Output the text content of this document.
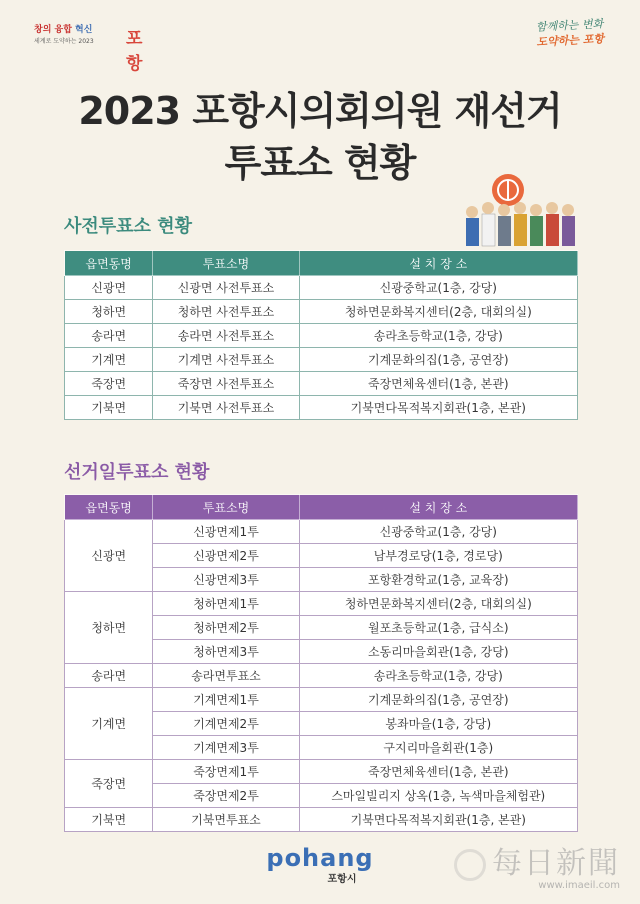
창의 융합 혁신
세계로 도약하는 2023 포항
함께하는 변화
도약하는 포항
2023 포항시의회의원 재선거
투표소 현황
사전투표소 현황
읍면동명	투표소명	설 치 장 소
신광면	신광면 사전투표소	신광중학교(1층, 강당)
청하면	청하면 사전투표소	청하면문화복지센터(2층, 대회의실)
송라면	송라면 사전투표소	송라초등학교(1층, 강당)
기계면	기계면 사전투표소	기계문화의집(1층, 공연장)
죽장면	죽장면 사전투표소	죽장면체육센터(1층, 본관)
기북면	기북면 사전투표소	기북면다목적복지회관(1층, 본관)
선거일투표소 현황
읍면동명	투표소명	설 치 장 소
신광면	신광면제1투	신광중학교(1층, 강당)
	신광면제2투	남부경로당(1층, 경로당)
	신광면제3투	포항환경학교(1층, 교육장)
청하면	청하면제1투	청하면문화복지센터(2층, 대회의실)
	청하면제2투	월포초등학교(1층, 급식소)
	청하면제3투	소동리마을회관(1층, 강당)
송라면	송라면투표소	송라초등학교(1층, 강당)
기계면	기계면제1투	기계문화의집(1층, 공연장)
	기계면제2투	봉좌마을(1층, 강당)
	기계면제3투	구지리마을회관(1층)
죽장면	죽장면제1투	죽장면체육센터(1층, 본관)
	죽장면제2투	스마일빌리지 상옥(1층, 녹색마을체험관)
기북면	기북면투표소	기북면다목적복지회관(1층, 본관)
pohang
포항시	每日新聞
www.imaeil.com
